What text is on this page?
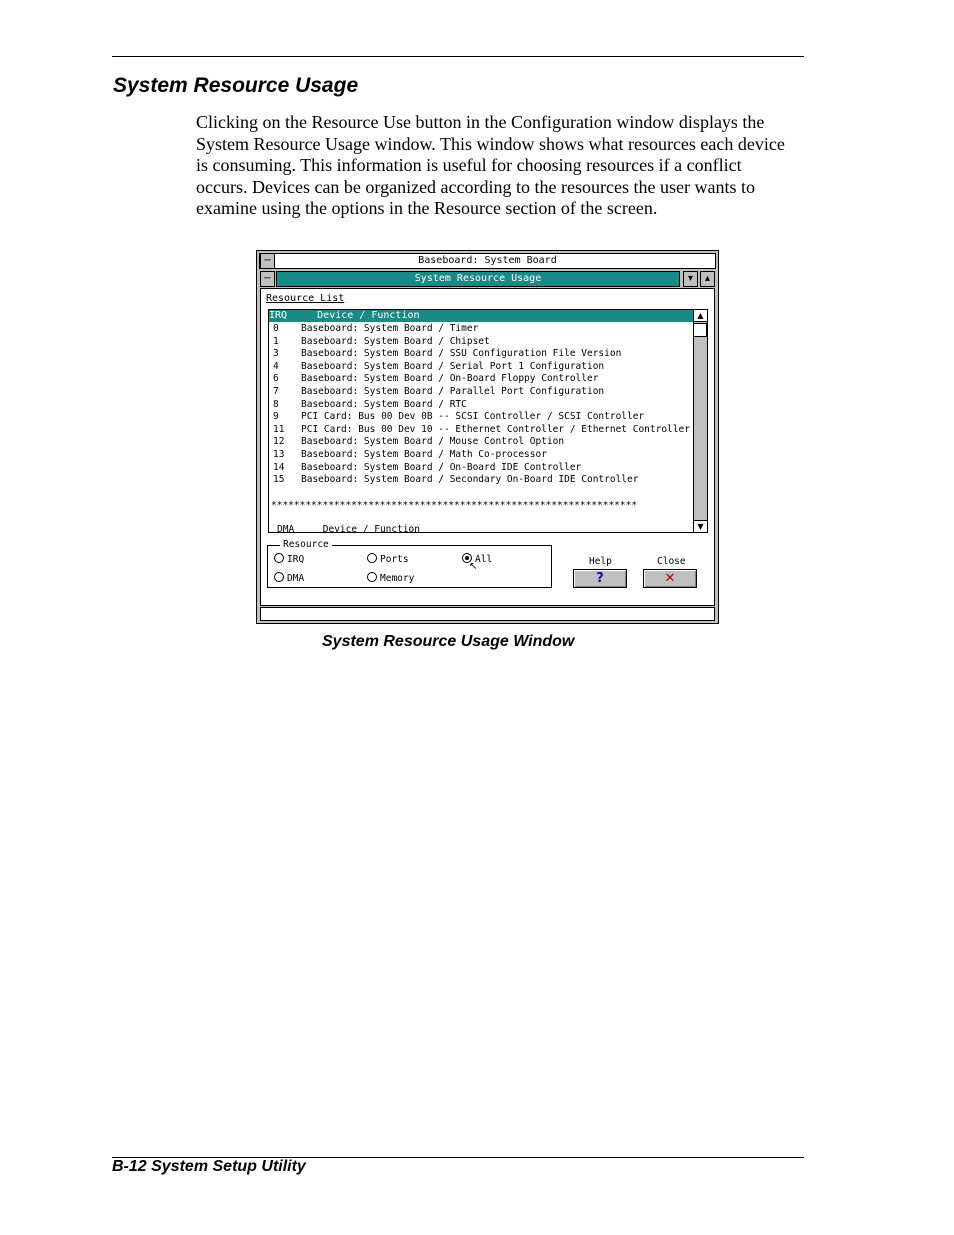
System Resource Usage

Clicking on the Resource Use button in the Configuration window displays the System Resource Usage window. This window shows what resources each device is consuming. This information is useful for choosing resources if a conflict occurs. Devices can be organized according to the resources the user wants to examine using the options in the Resource section of the screen.

Baseboard: System Board
−
System Resource Usage
−	▾	▴
Resource List
IRQ     Device / Function
0 Baseboard: System Board / Timer
1 Baseboard: System Board / Chipset
3 Baseboard: System Board / SSU Configuration File Version
4 Baseboard: System Board / Serial Port 1 Configuration
6 Baseboard: System Board / On-Board Floppy Controller
7 Baseboard: System Board / Parallel Port Configuration
8 Baseboard: System Board / RTC
9 PCI Card: Bus 00 Dev 0B -- SCSI Controller / SCSI Controller
11 PCI Card: Bus 00 Dev 10 -- Ethernet Controller / Ethernet Controller
12 Baseboard: System Board / Mouse Control Option
13 Baseboard: System Board / Math Co-processor
14 Baseboard: System Board / On-Board IDE Controller
15 Baseboard: System Board / Secondary On-Board IDE Controller
****************************************************************
DMA     Device / Function
▲
▼
Resource
IRQ	Ports	All
DMA	Memory
↖	Help	Close
?	✕
System Resource Usage Window
B-12 System Setup Utility
